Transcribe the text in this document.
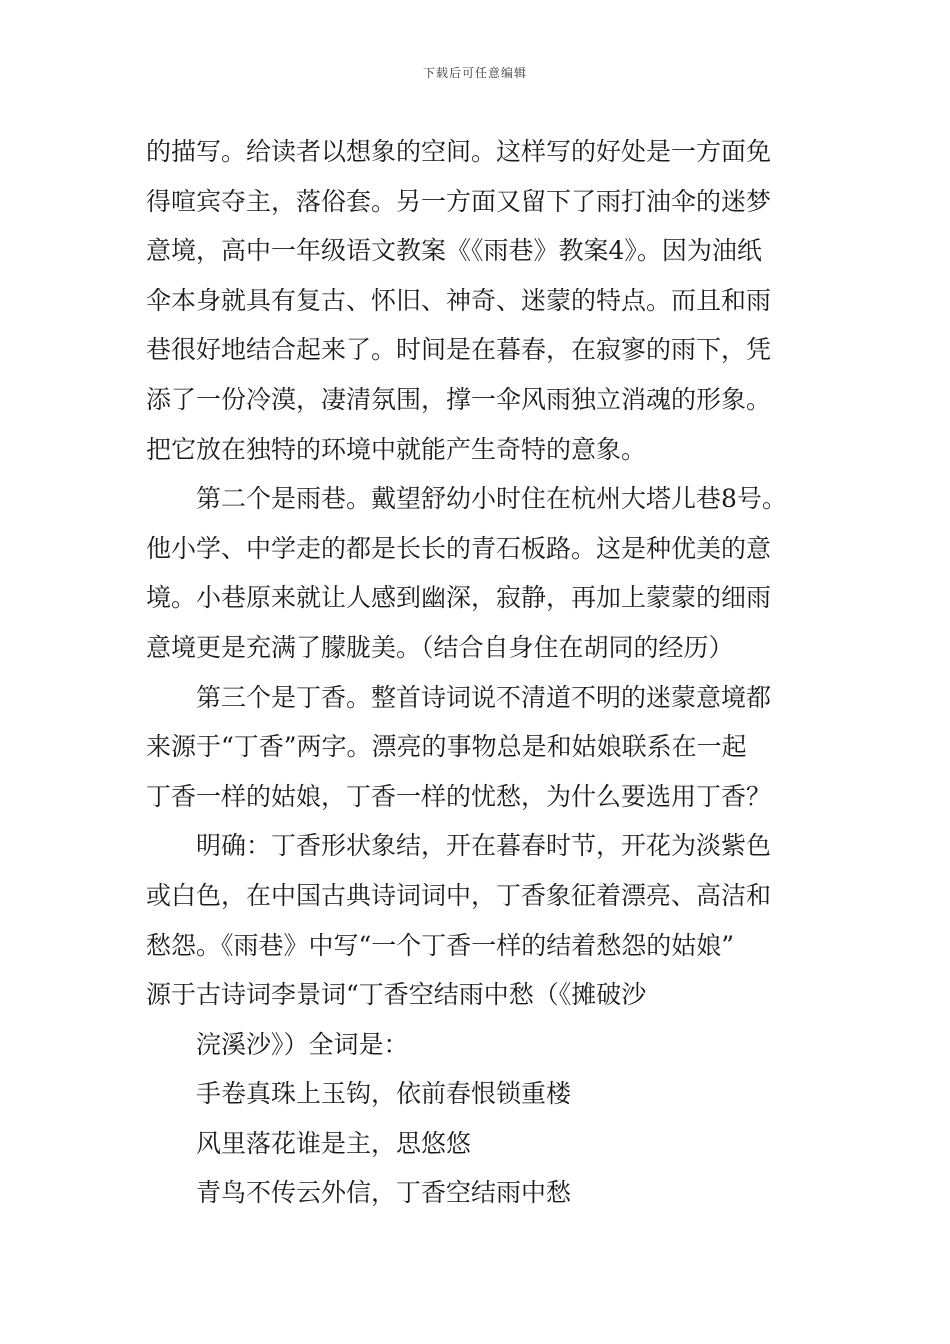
下载后可任意编辑
的描写。给读者以想象的空间。这样写的好处是一方面免
得喧宾夺主，落俗套。另一方面又留下了雨打油伞的迷梦
意境，高中一年级语文教案《《雨巷》教案4》。因为油纸
伞本身就具有复古、怀旧、神奇、迷蒙的特点。而且和雨
巷很好地结合起来了。时间是在暮春，在寂寥的雨下，凭
添了一份冷漠，凄清氛围，撑一伞风雨独立消魂的形象。
把它放在独特的环境中就能产生奇特的意象。
第二个是雨巷。戴望舒幼小时住在杭州大塔儿巷8号。
他小学、中学走的都是长长的青石板路。这是种优美的意
境。小巷原来就让人感到幽深，寂静，再加上蒙蒙的细雨
意境更是充满了朦胧美。（结合自身住在胡同的经历）
第三个是丁香。整首诗词说不清道不明的迷蒙意境都
来源于“丁香”两字。漂亮的事物总是和姑娘联系在一起
丁香一样的姑娘，丁香一样的忧愁，为什么要选用丁香？
明确：丁香形状象结，开在暮春时节，开花为淡紫色
或白色，在中国古典诗词词中，丁香象征着漂亮、高洁和
愁怨。《雨巷》中写“一个丁香一样的结着愁怨的姑娘”
源于古诗词李景词“丁香空结雨中愁（《摊破沙
浣溪沙》）全词是：
手卷真珠上玉钩，依前春恨锁重楼
风里落花谁是主，思悠悠
青鸟不传云外信，丁香空结雨中愁
